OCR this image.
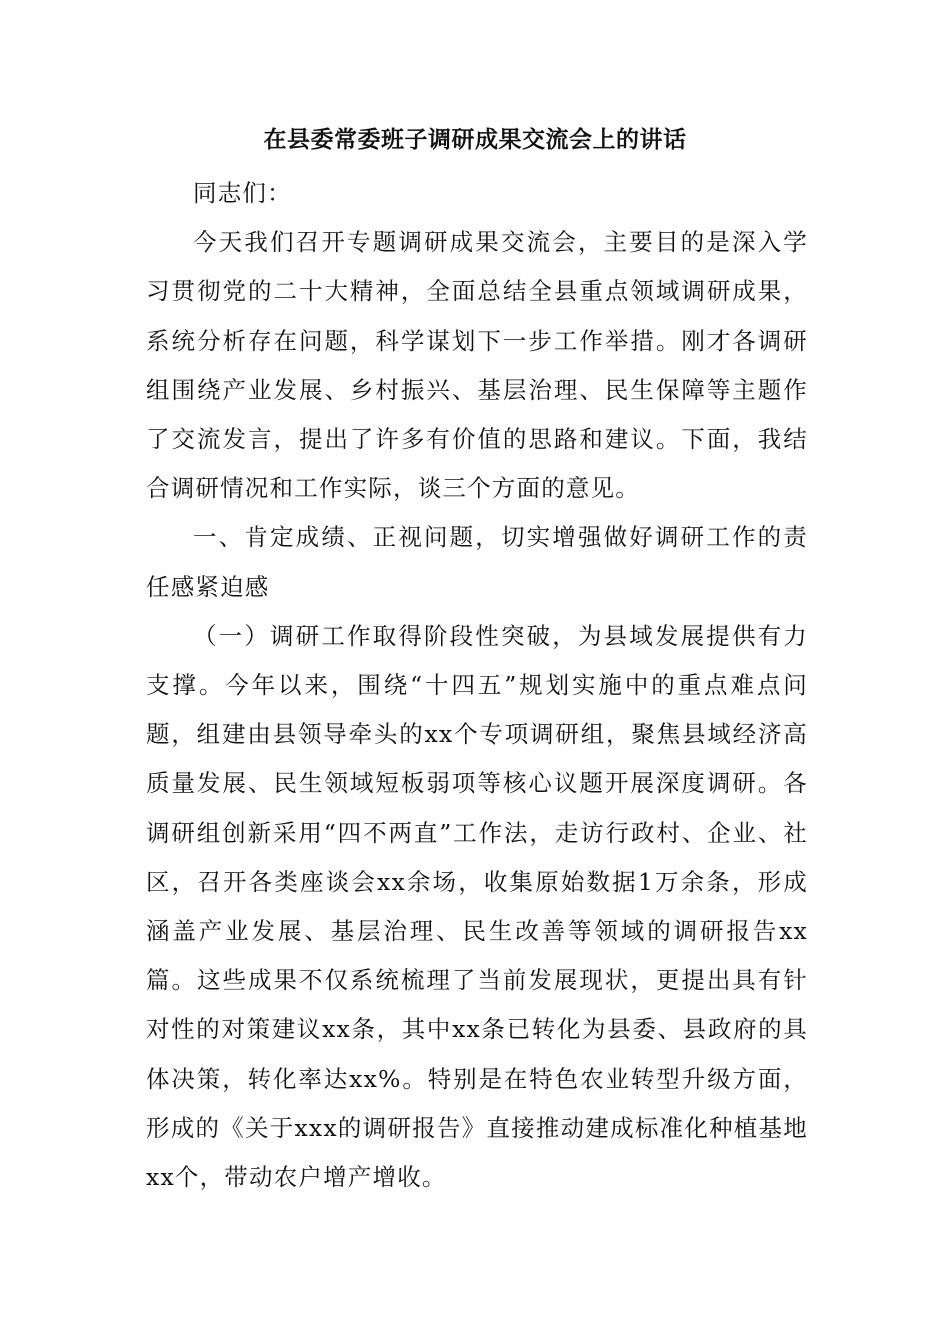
在县委常委班子调研成果交流会上的讲话

同志们：

今天我们召开专题调研成果交流会，主要目的是深入学习贯彻党的二十大精神，全面总结全县重点领域调研成果，系统分析存在问题，科学谋划下一步工作举措。刚才各调研组围绕产业发展、乡村振兴、基层治理、民生保障等主题作了交流发言，提出了许多有价值的思路和建议。下面，我结合调研情况和工作实际，谈三个方面的意见。

一、肯定成绩、正视问题，切实增强做好调研工作的责任感紧迫感

（一）调研工作取得阶段性突破，为县域发展提供有力支撑。今年以来，围绕“十四五”规划实施中的重点难点问题，组建由县领导牵头的xx个专项调研组，聚焦县域经济高质量发展、民生领域短板弱项等核心议题开展深度调研。各调研组创新采用“四不两直”工作法，走访行政村、企业、社区，召开各类座谈会xx余场，收集原始数据1万余条，形成涵盖产业发展、基层治理、民生改善等领域的调研报告xx篇。这些成果不仅系统梳理了当前发展现状，更提出具有针对性的对策建议xx条，其中xx条已转化为县委、县政府的具体决策，转化率达xx%。特别是在特色农业转型升级方面，形成的《关于xxx的调研报告》直接推动建成标准化种植基地xx个，带动农户增产增收。
